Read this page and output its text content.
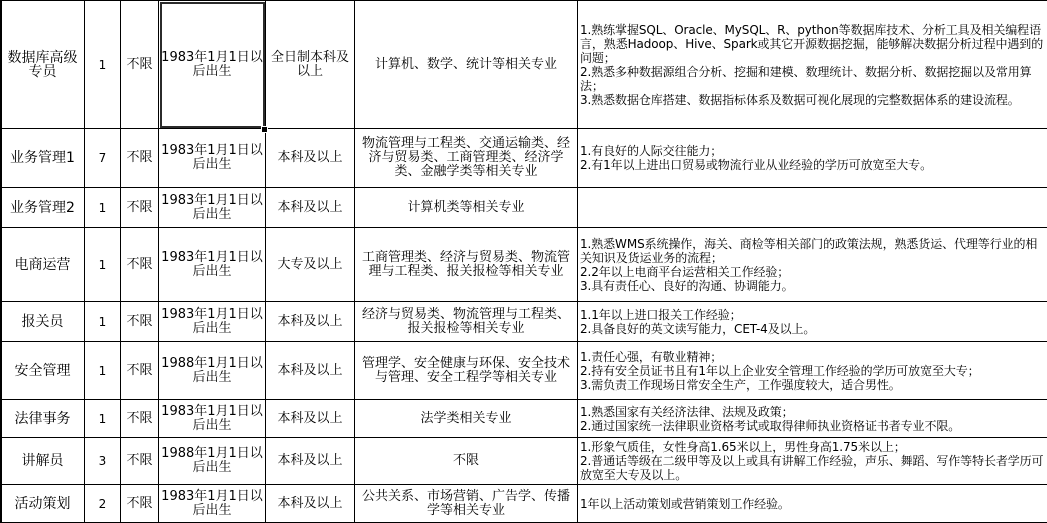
数据库高级专员	1	不限	1983年1月1日以后出生	全日制本科及以上	计算机、数学、统计等相关专业	1.熟练掌握SQL、Oracle、MySQL、R、python等数据库技术、分析工具及相关编程语言，熟悉Hadoop、Hive、Spark或其它开源数据挖掘，能够解决数据分析过程中遇到的问题；
2.熟悉多种数据源组合分析、挖掘和建模、数理统计、数据分析、数据挖掘以及常用算法；
3.熟悉数据仓库搭建、数据指标体系及数据可视化展现的完整数据体系的建设流程。

业务管理1	7	不限	1983年1月1日以后出生	本科及以上	物流管理与工程类、交通运输类、经济与贸易类、工商管理类、经济学类、金融学类等相关专业	1.有良好的人际交往能力；
2.有1年以上进出口贸易或物流行业从业经验的学历可放宽至大专。

业务管理2	1	不限	1983年1月1日以后出生	本科及以上	计算机类等相关专业	
电商运营	1	不限	1983年1月1日以后出生	大专及以上	工商管理类、经济与贸易类、物流管理与工程类、报关报检等相关专业	1.熟悉WMS系统操作，海关、商检等相关部门的政策法规，熟悉货运、代理等行业的相关知识及货运业务的流程；
2.2年以上电商平台运营相关工作经验；
3.具有责任心、良好的沟通、协调能力。

报关员	1	不限	1983年1月1日以后出生	本科及以上	经济与贸易类、物流管理与工程类、报关报检等相关专业	1.1年以上进口报关工作经验；
2.具备良好的英文读写能力，CET-4及以上。

安全管理	1	不限	1988年1月1日以后出生	本科及以上	管理学、安全健康与环保、安全技术与管理、安全工程学等相关专业	1.责任心强，有敬业精神；
2.持有安全员证书且有1年以上企业安全管理工作经验的学历可放宽至大专；
3.需负责工作现场日常安全生产，工作强度较大，适合男性。

法律事务	1	不限	1983年1月1日以后出生	本科及以上	法学类相关专业	1.熟悉国家有关经济法律、法规及政策；
2.通过国家统一法律职业资格考试或取得律师执业资格证书者专业不限。

讲解员	3	不限	1988年1月1日以后出生	本科及以上	不限	1.形象气质佳，女性身高1.65米以上，男性身高1.75米以上；
2.普通话等级在二级甲等及以上或具有讲解工作经验，声乐、舞蹈、写作等特长者学历可放宽至大专及以上。

活动策划	2	不限	1983年1月1日以后出生	本科及以上	公共关系、市场营销、广告学、传播学等相关专业	1年以上活动策划或营销策划工作经验。
